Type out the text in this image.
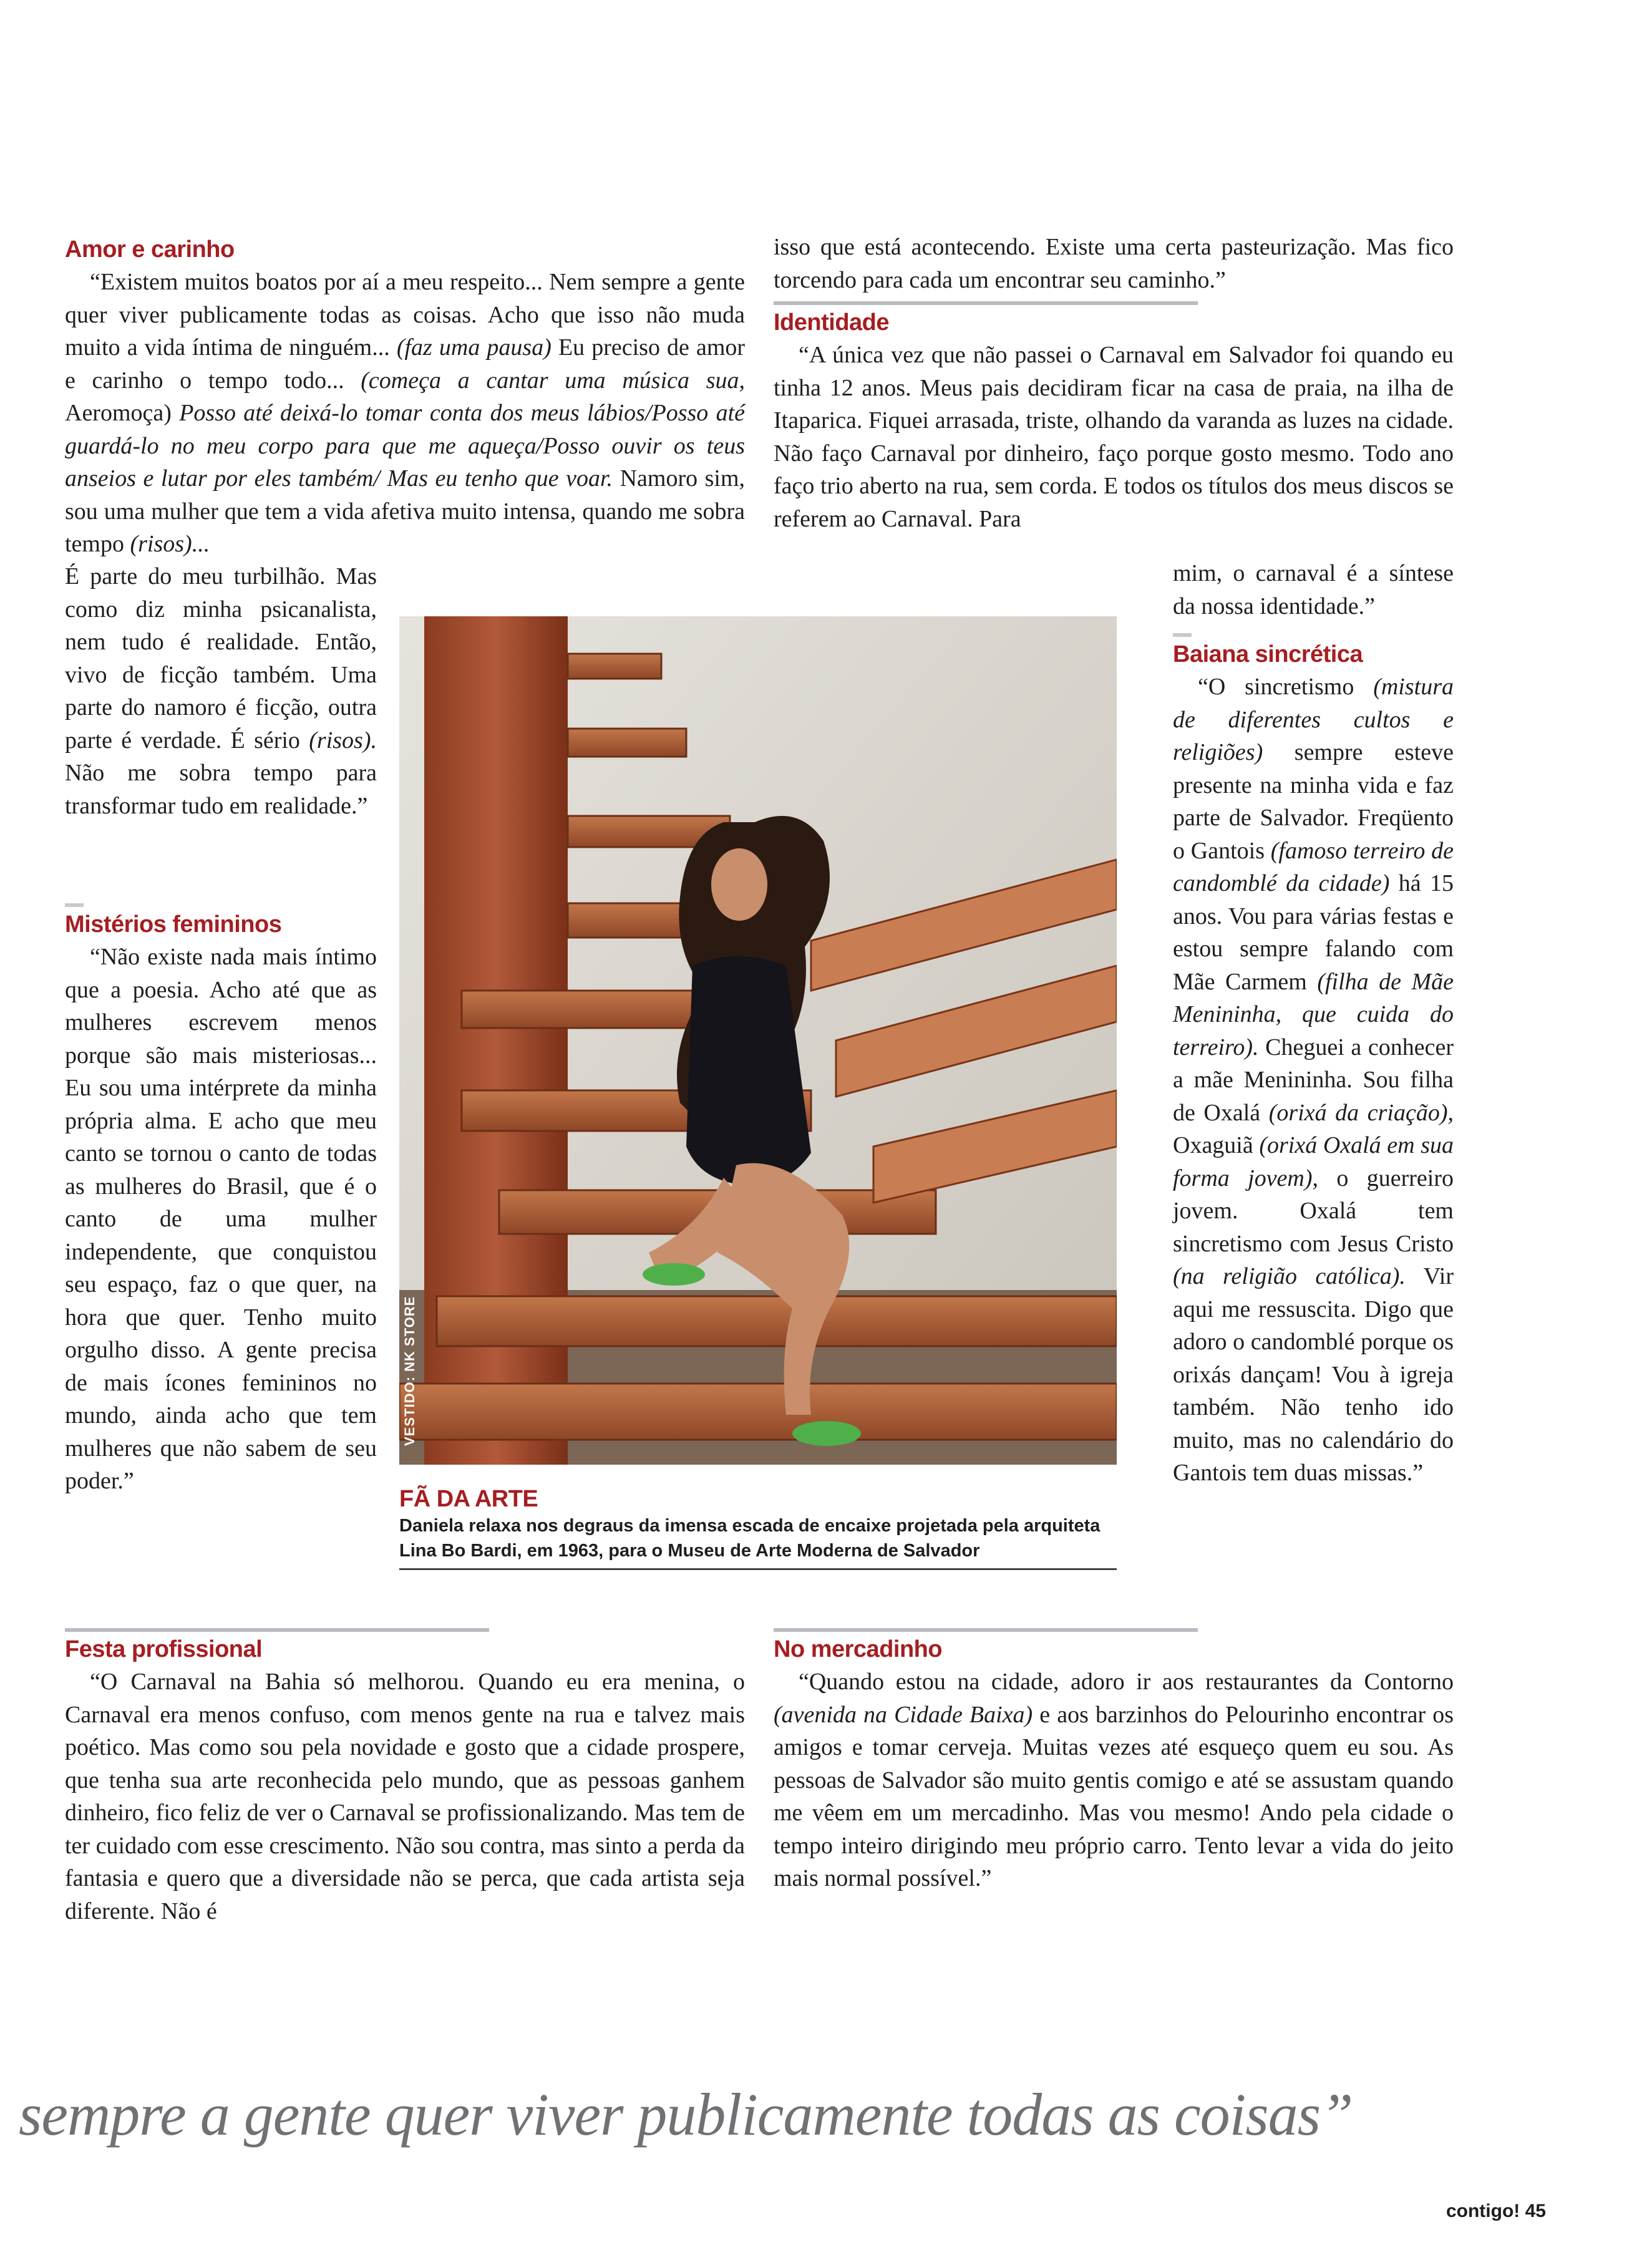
Amor e carinho

“Existem muitos boatos por aí a meu respeito... Nem sempre a gente quer viver publicamente todas as coisas. Acho que isso não muda muito a vida íntima de ninguém... (faz uma pausa) Eu preciso de amor e carinho o tempo todo... (começa a cantar uma música sua, Aeromoça) Posso até deixá-lo tomar conta dos meus lábios/Posso até guardá-lo no meu corpo para que me aqueça/Posso ouvir os teus anseios e lutar por eles também/ Mas eu tenho que voar. Namoro sim, sou uma mulher que tem a vida afetiva muito intensa, quando me sobra tempo (risos)...

É parte do meu turbilhão. Mas como diz minha psicanalista, nem tudo é realidade. Então, vivo de ficção também. Uma parte do namoro é ficção, outra parte é verdade. É sério (risos). Não me sobra tempo para transformar tudo em realidade.”

Mistérios femininos

“Não existe nada mais íntimo que a poesia. Acho até que as mulheres escrevem menos porque são mais misteriosas... Eu sou uma intérprete da minha própria alma. E acho que meu canto se tornou o canto de todas as mulheres do Brasil, que é o canto de uma mulher independente, que conquistou seu espaço, faz o que quer, na hora que quer. Tenho muito orgulho disso. A gente precisa de mais ícones femininos no mundo, ainda acho que tem mulheres que não sabem de seu poder.”

isso que está acontecendo. Existe uma certa pasteurização. Mas fico torcendo para cada um encontrar seu caminho.”

Identidade

“A única vez que não passei o Carnaval em Salvador foi quando eu tinha 12 anos. Meus pais decidiram ficar na casa de praia, na ilha de Itaparica. Fiquei arrasada, triste, olhando da varanda as luzes na cidade. Não faço Carnaval por dinheiro, faço porque gosto mesmo. Todo ano faço trio aberto na rua, sem corda. E todos os títulos dos meus discos se referem ao Carnaval. Para

mim, o carnaval é a síntese da nossa identidade.”

Baiana sincrética

“O sincretismo (mistura de diferentes cultos e religiões) sempre esteve presente na minha vida e faz parte de Salvador. Freqüento o Gantois (famoso terreiro de candomblé da cidade) há 15 anos. Vou para várias festas e estou sempre falando com Mãe Carmem (filha de Mãe Menininha, que cuida do terreiro). Cheguei a conhecer a mãe Menininha. Sou filha de Oxalá (orixá da criação), Oxaguiã (orixá Oxalá em sua forma jovem), o guerreiro jovem. Oxalá tem sincretismo com Jesus Cristo (na religião católica). Vir aqui me ressuscita. Digo que adoro o candomblé porque os orixás dançam! Vou à igreja também. Não tenho ido muito, mas no calendário do Gantois tem duas missas.”

VESTIDO: NK STORE
FÃ DA ARTE
Daniela relaxa nos degraus da imensa escada de encaixe projetada pela arquiteta Lina Bo Bardi, em 1963, para o Museu de Arte Moderna de Salvador
Festa profissional

“O Carnaval na Bahia só melhorou. Quando eu era menina, o Carnaval era menos confuso, com menos gente na rua e talvez mais poético. Mas como sou pela novidade e gosto que a cidade prospere, que tenha sua arte reconhecida pelo mundo, que as pessoas ganhem dinheiro, fico feliz de ver o Carnaval se profissionalizando. Mas tem de ter cuidado com esse crescimento. Não sou contra, mas sinto a perda da fantasia e quero que a diversidade não se perca, que cada artista seja diferente. Não é

No mercadinho

“Quando estou na cidade, adoro ir aos restaurantes da Contorno (avenida na Cidade Baixa) e aos barzinhos do Pelourinho encontrar os amigos e tomar cerveja. Muitas vezes até esqueço quem eu sou. As pessoas de Salvador são muito gentis comigo e até se assustam quando me vêem em um mercadinho. Mas vou mesmo! Ando pela cidade o tempo inteiro dirigindo meu próprio carro. Tento levar a vida do jeito mais normal possível.”

sempre a gente quer viver publicamente todas as coisas”
contigo! 45
